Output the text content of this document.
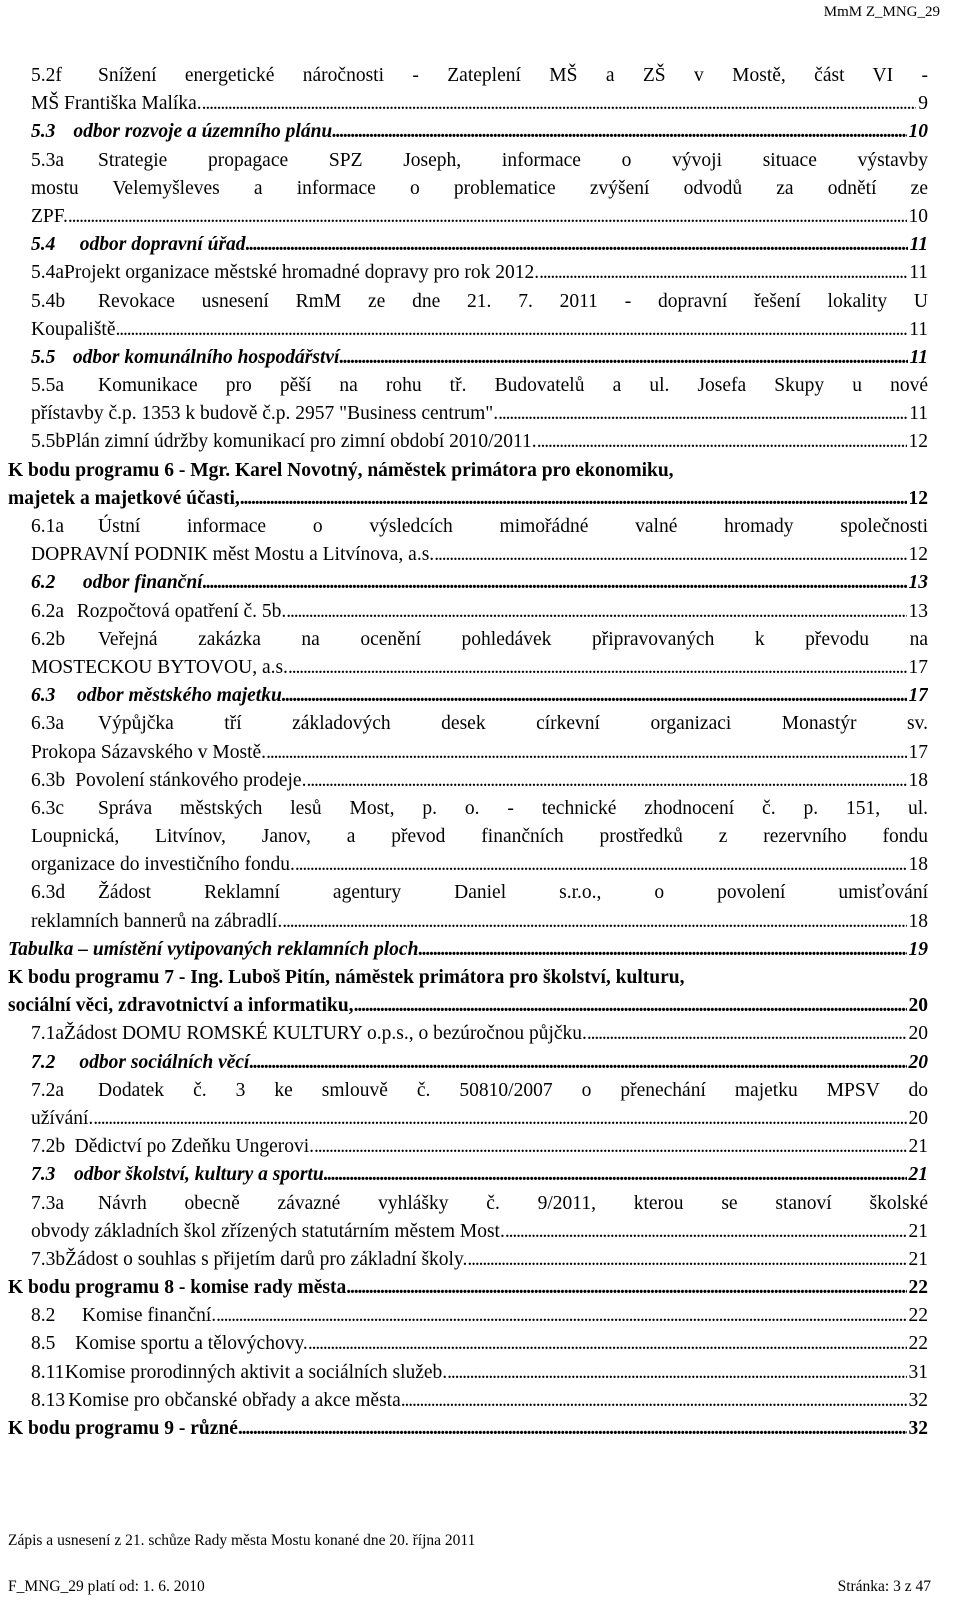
MmM Z_MNG_29
5.2f Snížení energetické náročnosti - Zateplení MŠ a ZŠ v Mostě, část VI -
MŠ Františka Malíka. . . .	9
5.3 odbor rozvoje a územního plánu . . .	10
5.3a Strategie propagace SPZ Joseph, informace o vývoji situace výstavby
mostu Velemyšleves a informace o problematice zvýšení odvodů za odnětí ze
ZPF. . . .	10
5.4	odbor dopravní úřad . . .	11
5.4a Projekt organizace městské hromadné dopravy pro rok 2012. . . .	11
5.4b Revokace usnesení RmM ze dne 21. 7. 2011 - dopravní řešení lokality U
Koupaliště . . .	11
5.5 odbor komunálního hospodářství . . .	11
5.5a Komunikace pro pěší na rohu tř. Budovatelů a ul. Josefa Skupy u nové
přístavby č.p. 1353 k budově č.p. 2957 "Business centrum". . . .	11
5.5b Plán zimní údržby komunikací pro zimní období 2010/2011. . . .	12
K bodu programu 6 - Mgr. Karel Novotný, náměstek primátora pro ekonomiku,
majetek a majetkové účasti, . . .	12
6.1a Ústní informace o výsledcích mimořádné valné hromady společnosti
DOPRAVNÍ PODNIK měst Mostu a Litvínova, a.s. . . .	12
6.2	odbor finanční . . .	13
6.2a Rozpočtová opatření č. 5b. . . .	13
6.2b Veřejná zakázka na ocenění pohledávek připravovaných k převodu na
MOSTECKOU BYTOVOU, a.s. . . .	17
6.3	odbor městského majetku . . .	17
6.3a Výpůjčka tří základových desek církevní organizaci Monastýr sv.
Prokopa Sázavského v Mostě. . . .	17
6.3b Povolení stánkového prodeje. . . .	18
6.3c Správa městských lesů Most, p. o. - technické zhodnocení č. p. 151, ul.
Loupnická, Litvínov, Janov, a převod finančních prostředků z rezervního fondu
organizace do investičního fondu. . . .	18
6.3d Žádost Reklamní agentury Daniel s.r.o., o povolení umisťování
reklamních bannerů na zábradlí. . . .	18
Tabulka – umístění vytipovaných reklamních ploch . . .	19
K bodu programu 7 - Ing. Luboš Pitín, náměstek primátora pro školství, kulturu,
sociální věci, zdravotnictví a informatiku, . . .	20
7.1a Žádost DOMU ROMSKÉ KULTURY o.p.s., o bezúročnou půjčku. . . .	20
7.2	odbor sociálních věcí . . .	20
7.2a Dodatek č. 3 ke smlouvě č. 50810/2007 o přenechání majetku MPSV do
užívání. . . .	20
7.2b Dědictví po Zdeňku Ungerovi. . . .	21
7.3 odbor školství, kultury a sportu . . .	21
7.3a Návrh obecně závazné vyhlášky č. 9/2011, kterou se stanoví školské
obvody základních škol zřízených statutárním městem Most. . . .	21
7.3b Žádost o souhlas s přijetím darů pro základní školy. . . .	21
K bodu programu 8 - komise rady města . . .	22
8.2	Komise finanční. . . .	22
8.5	Komise sportu a tělovýchovy. . . .	22
8.11 Komise prorodinných aktivit a sociálních služeb. . . .	31
8.13 Komise pro občanské obřady a akce města . . .	32
K bodu programu 9 - různé . . .	32
Zápis a usnesení z 21. schůze Rady města Mostu konané dne 20. října 2011
F_MNG_29 platí od: 1. 6. 2010	Stránka: 3 z 47
